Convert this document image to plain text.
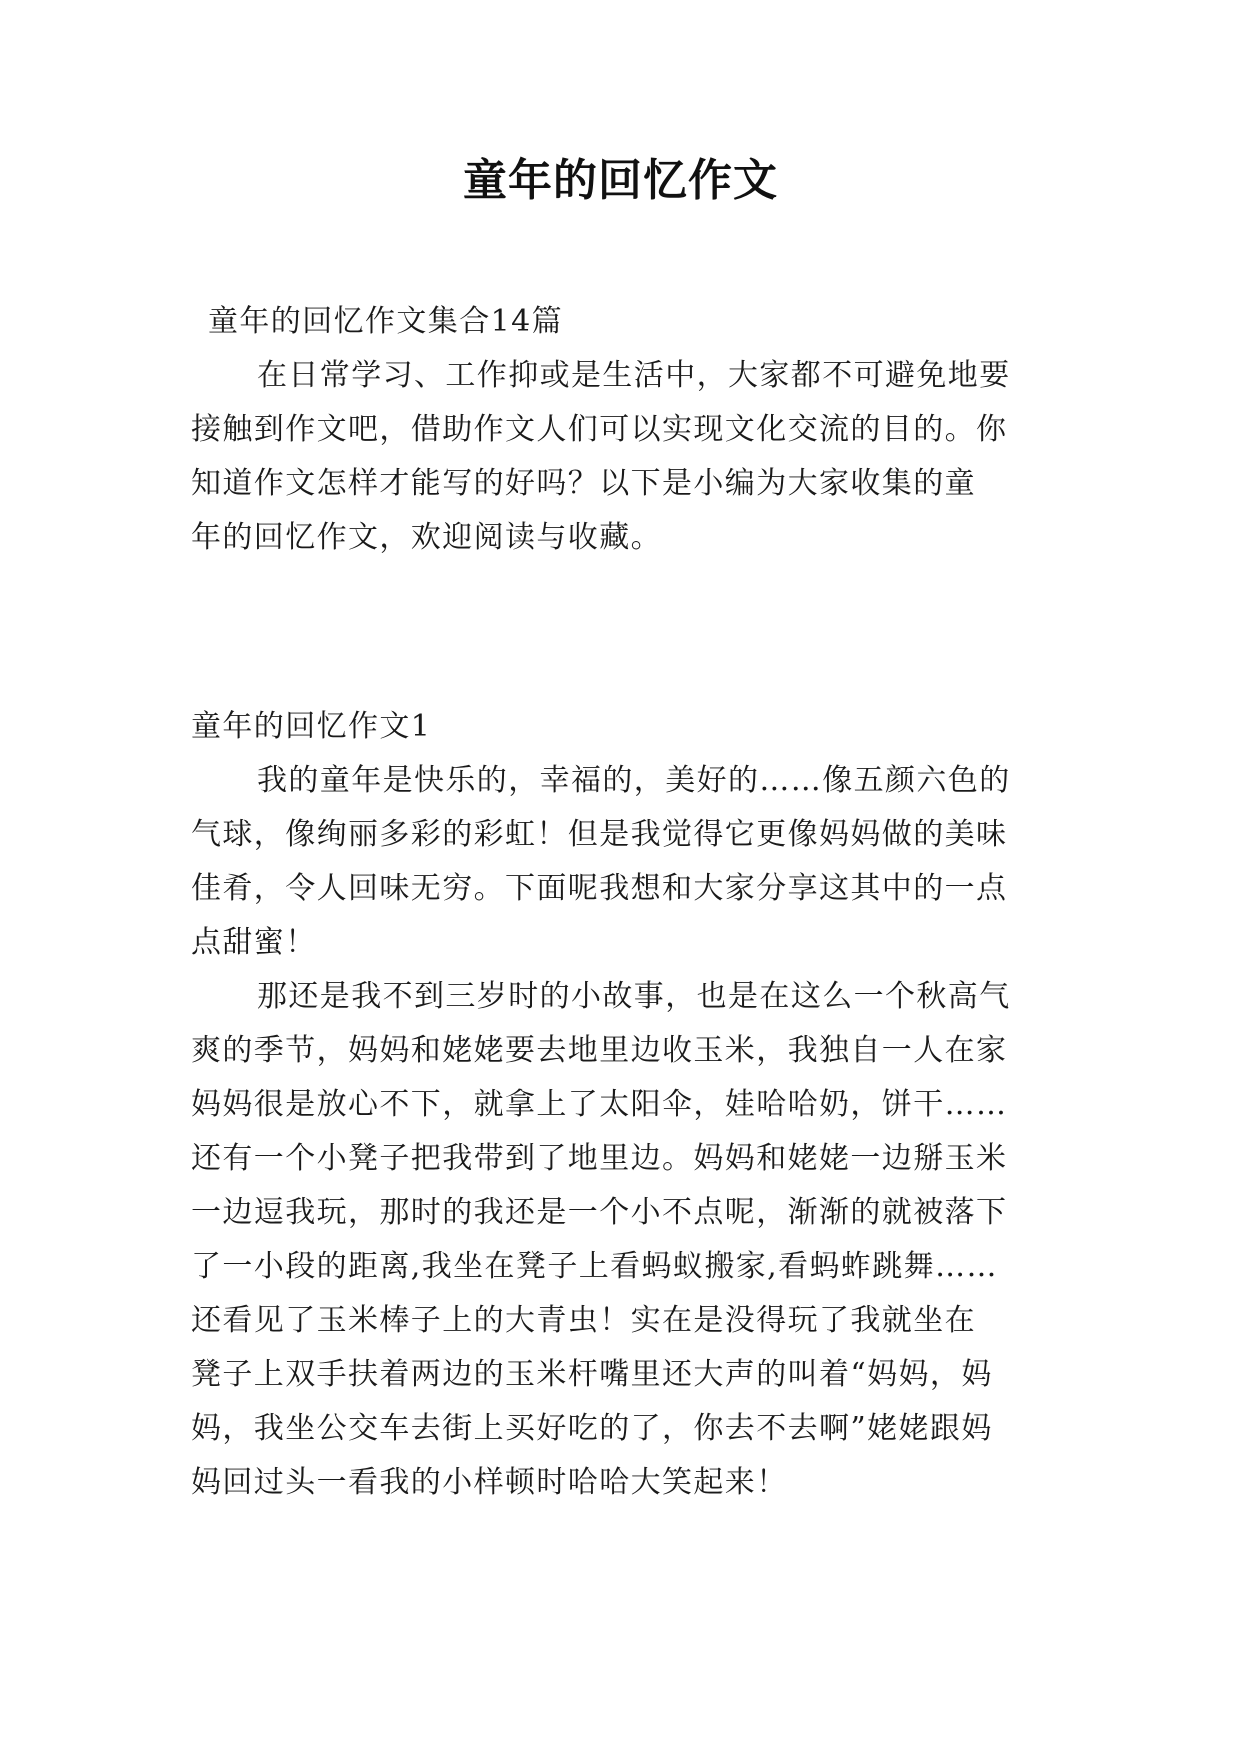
童年的回忆作文
童年的回忆作文集合14篇
在日常学习、工作抑或是生活中，大家都不可避免地要
接触到作文吧，借助作文人们可以实现文化交流的目的。你
知道作文怎样才能写的好吗？以下是小编为大家收集的童
年的回忆作文，欢迎阅读与收藏。
童年的回忆作文1
我的童年是快乐的，幸福的，美好的……像五颜六色的
气球，像绚丽多彩的彩虹！但是我觉得它更像妈妈做的美味
佳肴，令人回味无穷。下面呢我想和大家分享这其中的一点
点甜蜜！
那还是我不到三岁时的小故事，也是在这么一个秋高气
爽的季节，妈妈和姥姥要去地里边收玉米，我独自一人在家
妈妈很是放心不下，就拿上了太阳伞，娃哈哈奶，饼干……
还有一个小凳子把我带到了地里边。妈妈和姥姥一边掰玉米
一边逗我玩，那时的我还是一个小不点呢，渐渐的就被落下
了一小段的距离,我坐在凳子上看蚂蚁搬家,看蚂蚱跳舞……
还看见了玉米棒子上的大青虫！实在是没得玩了我就坐在
凳子上双手扶着两边的玉米杆嘴里还大声的叫着“妈妈，妈
妈，我坐公交车去街上买好吃的了，你去不去啊”姥姥跟妈
妈回过头一看我的小样顿时哈哈大笑起来！
